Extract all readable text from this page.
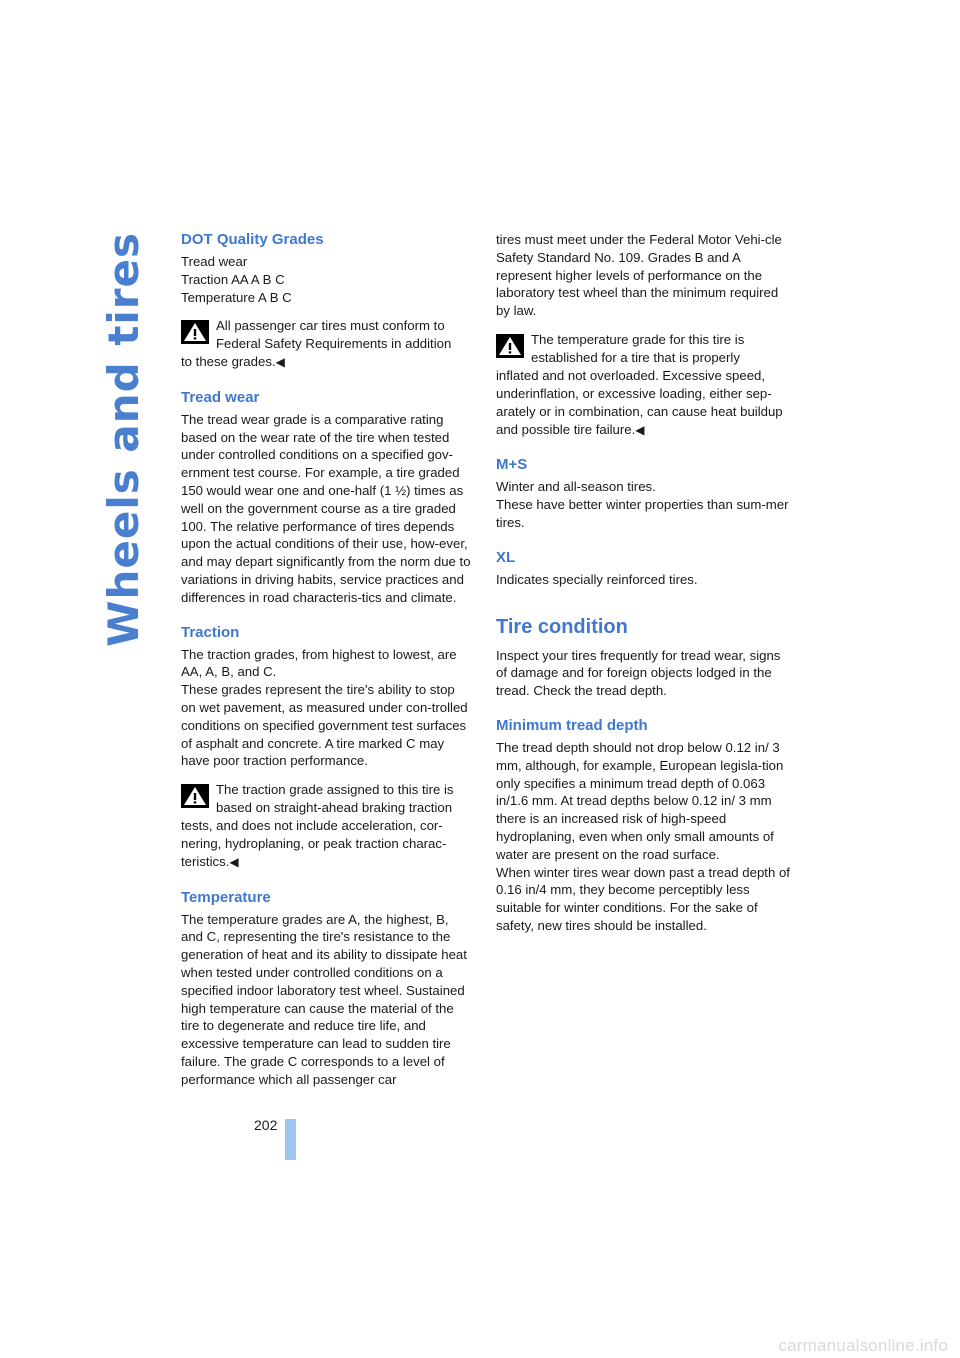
Wheels and tires DOT Quality Grades
Tread wear
Traction AA A B C
Temperature A B C
All passenger car tires must conform to Federal Safety Requirements in addition
to these grades.◀
Tread wear
The tread wear grade is a comparative rating based on the wear rate of the tire when tested under controlled conditions on a specified gov-ernment test course. For example, a tire graded 150 would wear one and one-half (1 ½) times as well on the government course as a tire graded 100. The relative performance of tires depends upon the actual conditions of their use, how-ever, and may depart significantly from the norm due to variations in driving habits, service practices and differences in road characteris-tics and climate.
Traction
The traction grades, from highest to lowest, are AA, A, B, and C.
These grades represent the tire's ability to stop on wet pavement, as measured under con-trolled conditions on specified government test surfaces of asphalt and concrete. A tire marked C may have poor traction performance.
The traction grade assigned to this tire is based on straight-ahead braking traction
tests, and does not include acceleration, cor-nering, hydroplaning, or peak traction charac-teristics.◀
Temperature
The temperature grades are A, the highest, B, and C, representing the tire's resistance to the generation of heat and its ability to dissipate heat when tested under controlled conditions on a specified indoor laboratory test wheel. Sustained high temperature can cause the material of the tire to degenerate and reduce tire life, and excessive temperature can lead to sudden tire failure. The grade C corresponds to a level of performance which all passenger car
tires must meet under the Federal Motor Vehi-cle Safety Standard No. 109. Grades B and A represent higher levels of performance on the laboratory test wheel than the minimum required by law.
The temperature grade for this tire is established for a tire that is properly
inflated and not overloaded. Excessive speed, underinflation, or excessive loading, either sep-arately or in combination, can cause heat buildup and possible tire failure.◀
M+S
Winter and all-season tires.
These have better winter properties than sum-mer tires.
XL
Indicates specially reinforced tires.
Tire condition
Inspect your tires frequently for tread wear, signs of damage and for foreign objects lodged in the tread. Check the tread depth.
Minimum tread depth
The tread depth should not drop below 0.12 in/ 3 mm, although, for example, European legisla-tion only specifies a minimum tread depth of 0.063 in/1.6 mm. At tread depths below 0.12 in/ 3 mm there is an increased risk of high-speed hydroplaning, even when only small amounts of water are present on the road surface.
When winter tires wear down past a tread depth of 0.16 in/4 mm, they become perceptibly less suitable for winter conditions. For the sake of safety, new tires should be installed.
202
carmanualsonline.info
